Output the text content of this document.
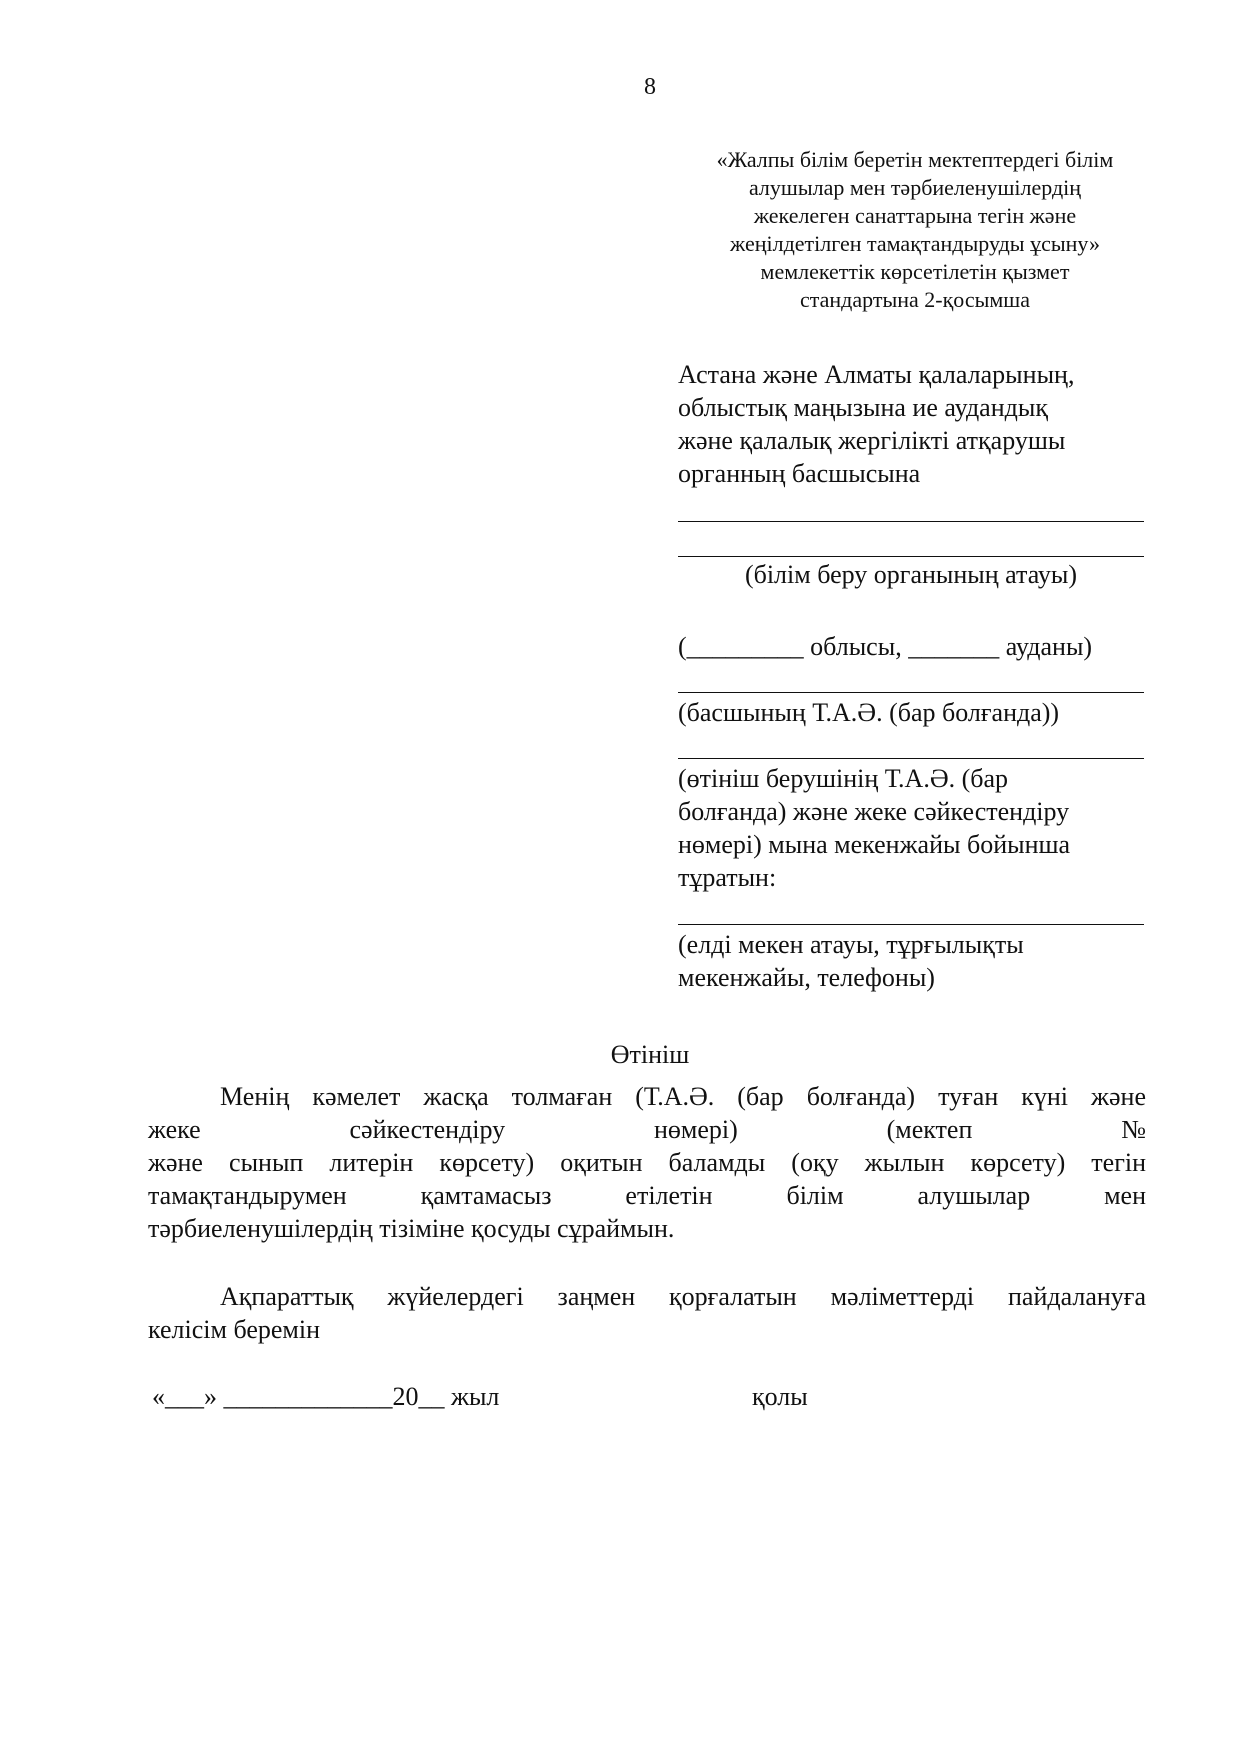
8
«Жалпы білім беретін мектептердегі білім
алушылар мен тәрбиеленушілердің
жекелеген санаттарына тегін және
жеңілдетілген тамақтандыруды ұсыну»
мемлекеттік көрсетілетін қызмет
стандартына 2-қосымша
Астана және Алматы қалаларының,
облыстық маңызына ие аудандық
және қалалық жергілікті атқарушы
органның басшысына
(білім беру органының атауы)
(_________ облысы, _______ ауданы)
(басшының Т.А.Ә. (бар болғанда))
(өтініш берушінің Т.А.Ә. (бар
болғанда) және жеке сәйкестендіру
нөмері) мына мекенжайы бойынша
тұратын:
(елді мекен атауы, тұрғылықты
мекенжайы, телефоны)
Өтініш
Менің кәмелет жасқа толмаған (Т.А.Ә. (бар болғанда) туған күні және
жеке сәйкестендіру нөмері) (мектеп №
және сынып литерін көрсету) оқитын баламды (оқу жылын көрсету) тегін
тамақтандырумен қамтамасыз етілетін білім алушылар мен
тәрбиеленушілердің тізіміне қосуды сұраймын.
Ақпараттық жүйелердегі заңмен қорғалатын мәліметтерді пайдалануға
келісім беремін
«___» _____________20__ жыл	қолы
